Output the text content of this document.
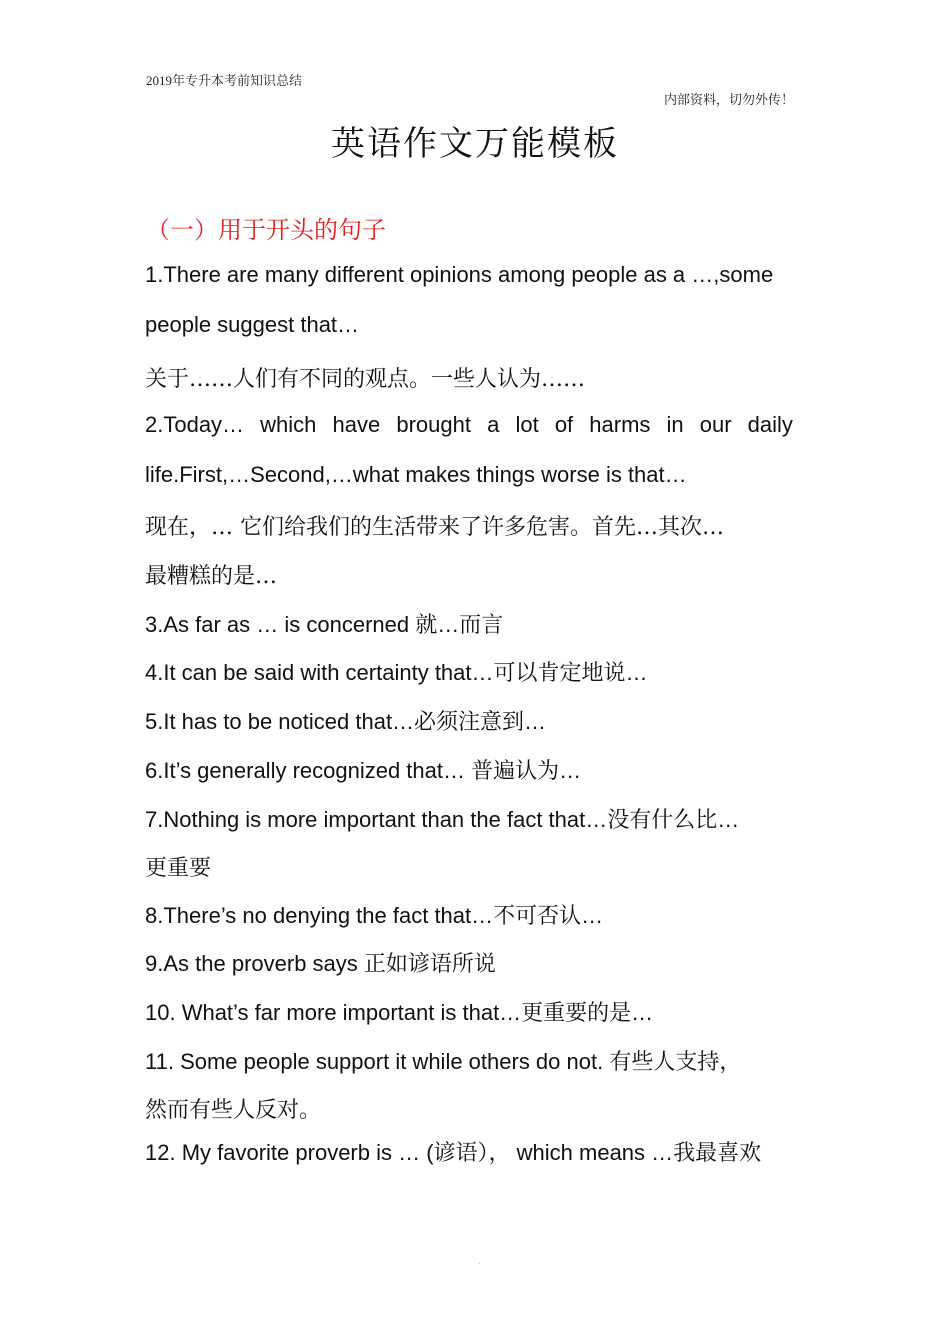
2019年专升本考前知识总结
内部资料，切勿外传！
英语作文万能模板
（一）用于开头的句子
1.There are many different opinions among people as a …,some
people suggest that…
关于……人们有不同的观点。一些人认为……
2.Today… which have brought a lot of harms in our daily
life.First,…Second,…what makes things worse is that…
现在，… 它们给我们的生活带来了许多危害。首先…其次…
最糟糕的是…
3.As far as … is concerned 就…而言
4.It can be said with certainty that…可以肯定地说…
5.It has to be noticed that…必须注意到…
6.It’s generally recognized that… 普遍认为…
7.Nothing is more important than the fact that…没有什么比…
更重要
8.There’s no denying the fact that…不可否认…
9.As the proverb says 正如谚语所说
10. What’s far more important is that…更重要的是…
11. Some people support it while others do not. 有些人支持，
然而有些人反对。
12. My favorite proverb is … (谚语）， which means …我最喜欢
.
